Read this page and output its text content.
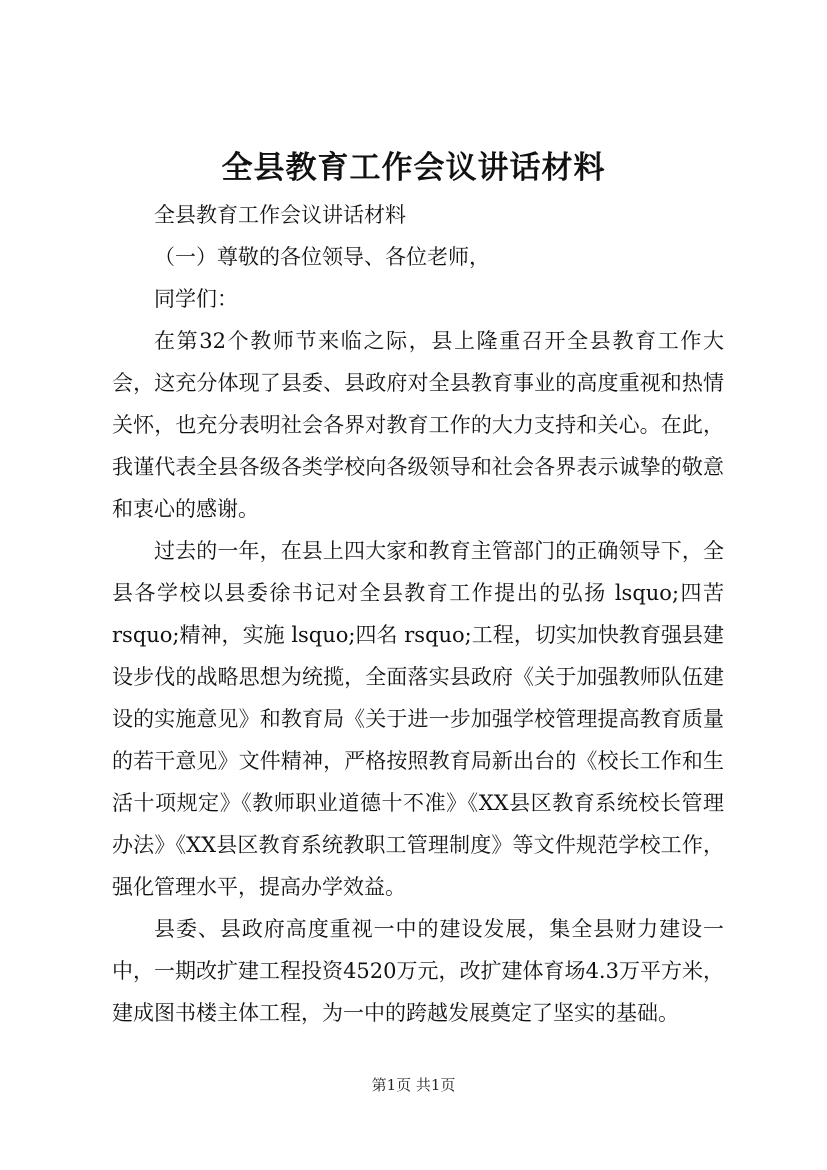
全县教育工作会议讲话材料

全县教育工作会议讲话材料

（一）尊敬的各位领导、各位老师，

同学们：

在第32个教师节来临之际，县上隆重召开全县教育工作大会，这充分体现了县委、县政府对全县教育事业的高度重视和热情关怀，也充分表明社会各界对教育工作的大力支持和关心。在此，我谨代表全县各级各类学校向各级领导和社会各界表示诚挚的敬意和衷心的感谢。

过去的一年，在县上四大家和教育主管部门的正确领导下，全县各学校以县委徐书记对全县教育工作提出的弘扬 lsquo;四苦 rsquo;精神，实施 lsquo;四名 rsquo;工程，切实加快教育强县建设步伐的战略思想为统揽，全面落实县政府《关于加强教师队伍建设的实施意见》和教育局《关于进一步加强学校管理提高教育质量的若干意见》文件精神，严格按照教育局新出台的《校长工作和生活十项规定》《教师职业道德十不准》《XX县区教育系统校长管理办法》《XX县区教育系统教职工管理制度》等文件规范学校工作，强化管理水平，提高办学效益。

县委、县政府高度重视一中的建设发展，集全县财力建设一中，一期改扩建工程投资4520万元，改扩建体育场4.3万平方米，建成图书楼主体工程，为一中的跨越发展奠定了坚实的基础。

第1页 共1页
